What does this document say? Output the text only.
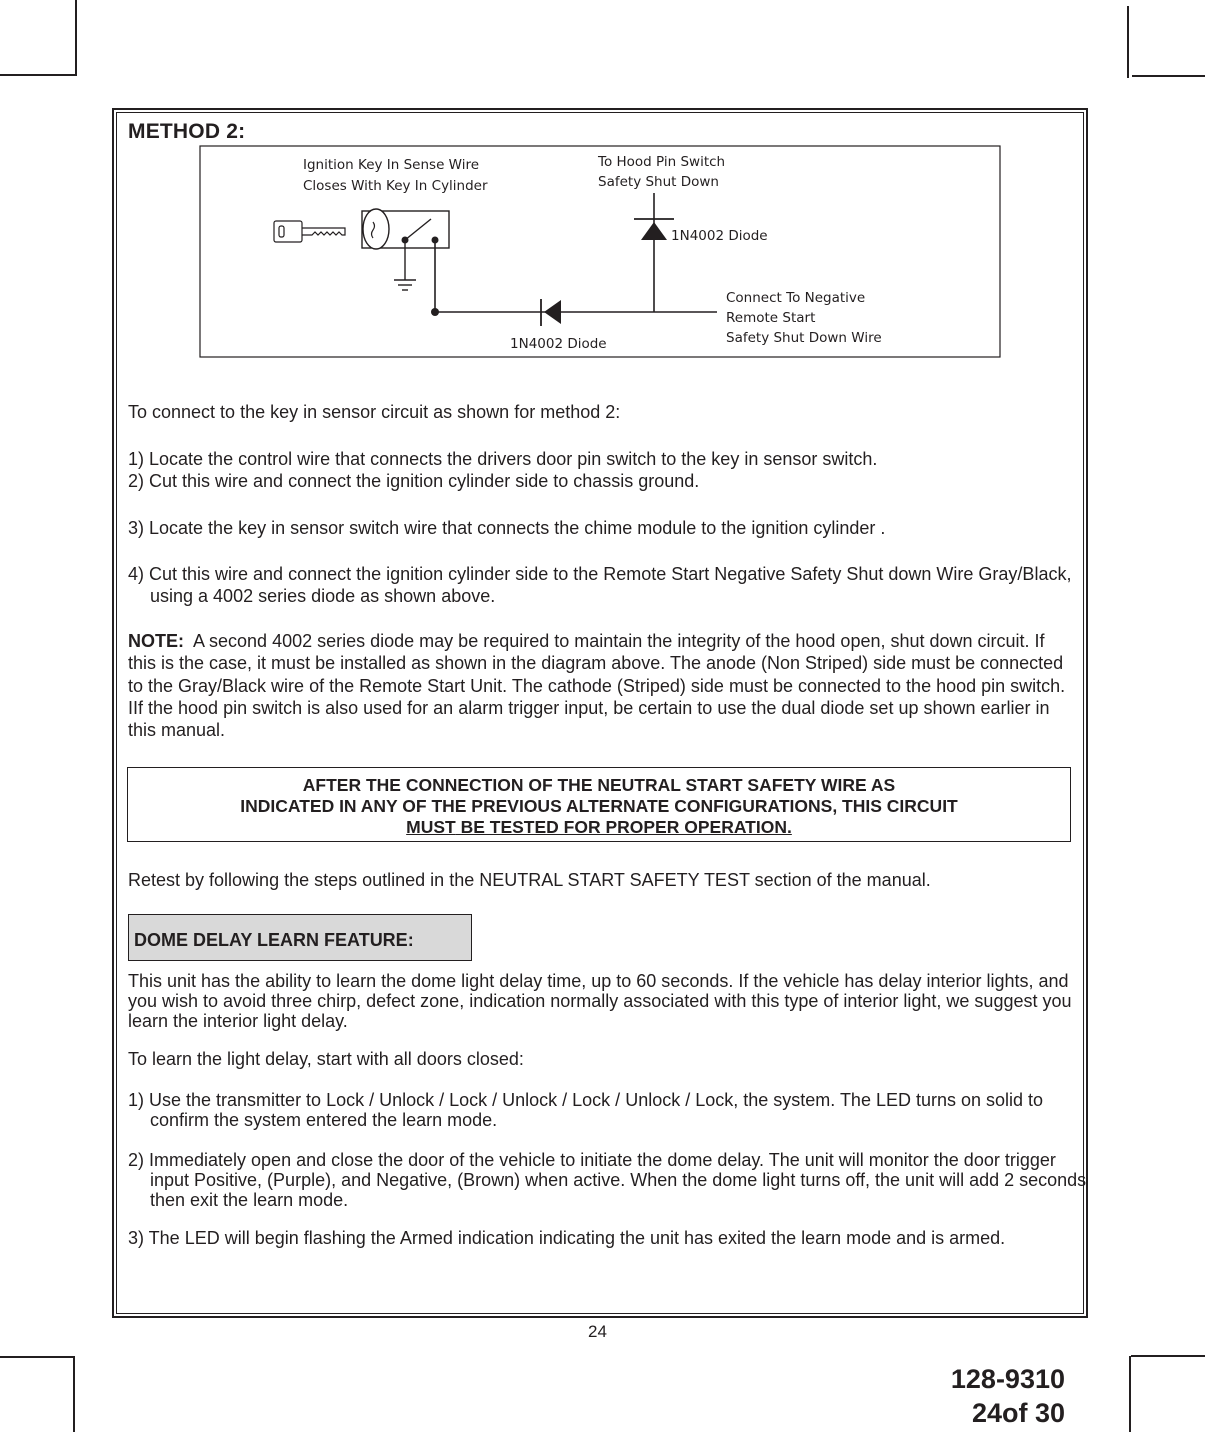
METHOD 2:
Ignition Key In Sense Wire
Closes With Key In Cylinder
To Hood Pin Switch
Safety Shut Down
1N4002 Diode
Connect To Negative
Remote Start
Safety Shut Down Wire
1N4002 Diode
To connect to the key in sensor circuit as shown for method 2:
1) Locate the control wire that connects the drivers door pin switch to the key in sensor switch.
2) Cut this wire and connect the ignition cylinder side to chassis ground.
3) Locate the key in sensor switch wire that connects the chime module to the ignition cylinder .
4) Cut this wire and connect the ignition cylinder side to the Remote Start Negative Safety Shut down Wire Gray/Black, using a 4002 series diode as shown above.
NOTE: A second 4002 series diode may be required to maintain the integrity of the hood open, shut down circuit. If this is the case, it must be installed as shown in the diagram above. The anode (Non Striped) side must be connected to the Gray/Black wire of the Remote Start Unit. The cathode (Striped) side must be connected to the hood pin switch. IIf the hood pin switch is also used for an alarm trigger input, be certain to use the dual diode set up shown earlier in this manual.
AFTER THE CONNECTION OF THE NEUTRAL START SAFETY WIRE AS
INDICATED IN ANY OF THE PREVIOUS ALTERNATE CONFIGURATIONS, THIS CIRCUIT
MUST BE TESTED FOR PROPER OPERATION.
Retest by following the steps outlined in the NEUTRAL START SAFETY TEST section of the manual.
DOME DELAY LEARN FEATURE:
This unit has the ability to learn the dome light delay time, up to 60 seconds. If the vehicle has delay interior lights, and you wish to avoid three chirp, defect zone, indication normally associated with this type of interior light, we suggest you learn the interior light delay.
To learn the light delay, start with all doors closed:
1) Use the transmitter to Lock / Unlock / Lock / Unlock / Lock / Unlock / Lock, the system. The LED turns on solid to confirm the system entered the learn mode.
2) Immediately open and close the door of the vehicle to initiate the dome delay. The unit will monitor the door trigger input Positive, (Purple), and Negative, (Brown) when active. When the dome light turns off, the unit will add 2 seconds then exit the learn mode.
3) The LED will begin flashing the Armed indication indicating the unit has exited the learn mode and is armed.
24
128-9310
24of 30
